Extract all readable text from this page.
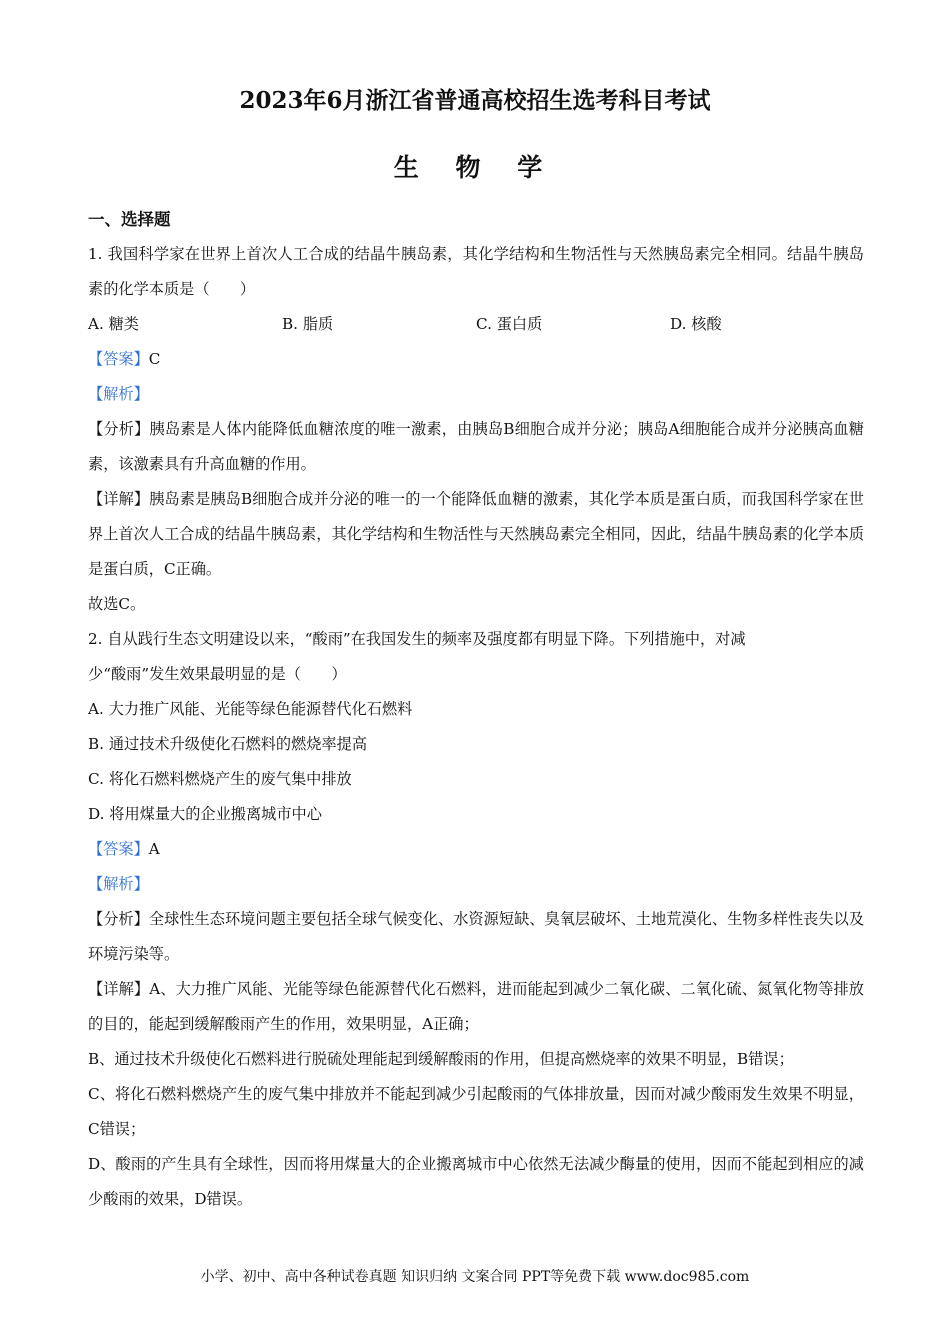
2023年6月浙江省普通高校招生选考科目考试
生 物 学
一、选择题
1. 我国科学家在世界上首次人工合成的结晶牛胰岛素，其化学结构和生物活性与天然胰岛素完全相同。结晶牛胰岛素的化学本质是（　　）
A. 糖类	B. 脂质	C. 蛋白质	D. 核酸
【答案】C
【解析】
【分析】胰岛素是人体内能降低血糖浓度的唯一激素，由胰岛B细胞合成并分泌；胰岛A细胞能合成并分泌胰高血糖素，该激素具有升高血糖的作用。
【详解】胰岛素是胰岛B细胞合成并分泌的唯一的一个能降低血糖的激素，其化学本质是蛋白质，而我国科学家在世界上首次人工合成的结晶牛胰岛素，其化学结构和生物活性与天然胰岛素完全相同，因此，结晶牛胰岛素的化学本质是蛋白质，C正确。
故选C。
2. 自从践行生态文明建设以来，“酸雨”在我国发生的频率及强度都有明显下降。下列措施中，对减
少“酸雨”发生效果最明显的是（　　）
A. 大力推广风能、光能等绿色能源替代化石燃料
B. 通过技术升级使化石燃料的燃烧率提高
C. 将化石燃料燃烧产生的废气集中排放
D. 将用煤量大的企业搬离城市中心
【答案】A
【解析】
【分析】全球性生态环境问题主要包括全球气候变化、水资源短缺、臭氧层破坏、土地荒漠化、生物多样性丧失以及环境污染等。
【详解】A、大力推广风能、光能等绿色能源替代化石燃料，进而能起到减少二氧化碳、二氧化硫、氮氧化物等排放的目的，能起到缓解酸雨产生的作用，效果明显，A正确；
B、通过技术升级使化石燃料进行脱硫处理能起到缓解酸雨的作用，但提高燃烧率的效果不明显，B错误；
C、将化石燃料燃烧产生的废气集中排放并不能起到减少引起酸雨的气体排放量，因而对减少酸雨发生效果不明显，C错误；
D、酸雨的产生具有全球性，因而将用煤量大的企业搬离城市中心依然无法减少酶量的使用，因而不能起到相应的减少酸雨的效果，D错误。
小学、初中、高中各种试卷真题 知识归纳 文案合同 PPT等免费下载 www.doc985.com
